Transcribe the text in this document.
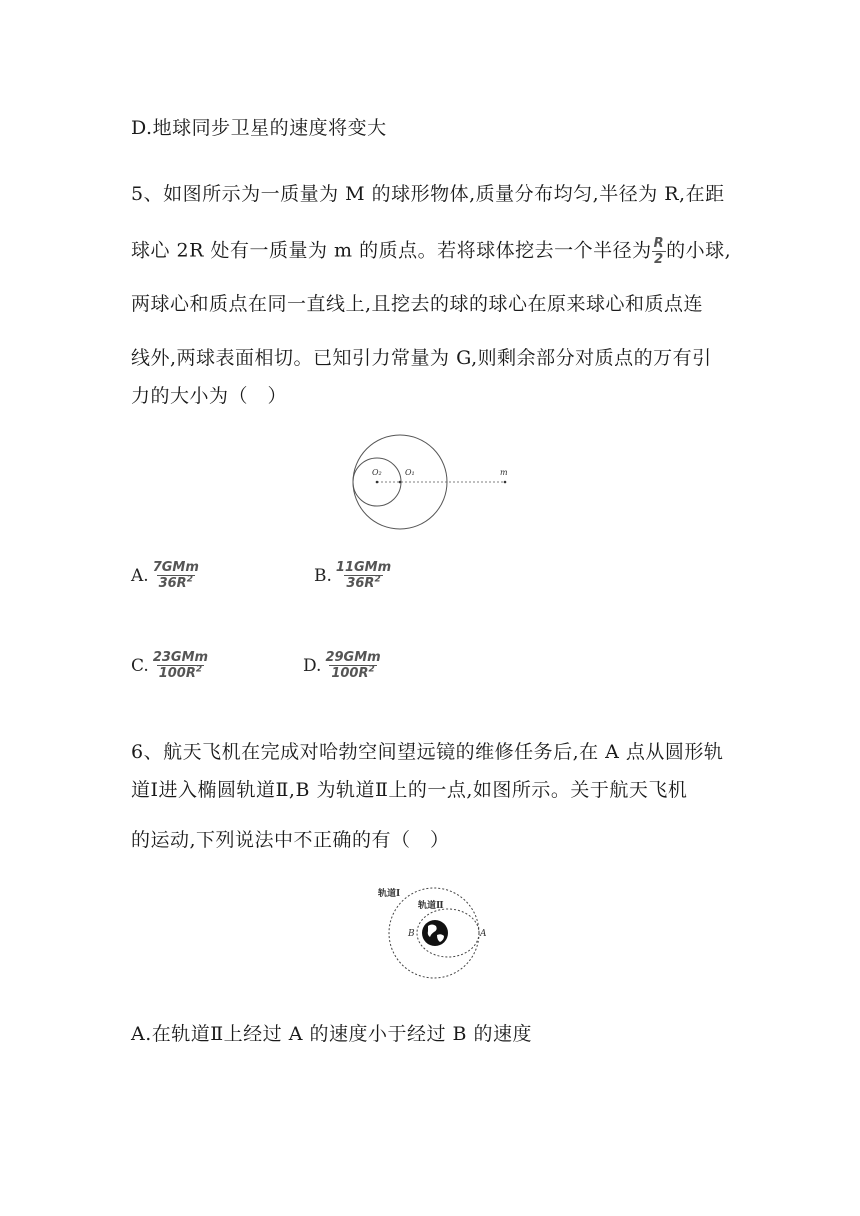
D.地球同步卫星的速度将变大
5、如图所示为一质量为 M 的球形物体,质量分布均匀,半径为 R,在距
球心 2R 处有一质量为 m 的质点。若将球体挖去一个半径为 $\frac{R}{2}$ 的小球,
两球心和质点在同一直线上,且挖去的球的球心在原来球心和质点连
线外,两球表面相切。已知引力常量为 G,则剩余部分对质点的万有引
力的大小为（　）
O₂	O₁	m
A. $\frac{\text{7GMm}}{36R^2}$	B. $\frac{\text{11GMm}}{36R^2}$
C. $\frac{\text{23GMm}}{100R^2}$	D. $\frac{\text{29GMm}}{100R^2}$
6、航天飞机在完成对哈勃空间望远镜的维修任务后,在 A 点从圆形轨
道Ⅰ进入椭圆轨道Ⅱ,B 为轨道Ⅱ上的一点,如图所示。关于航天飞机
的运动,下列说法中不正确的有（　）
轨道Ⅰ
轨道Ⅱ
B	A
A.在轨道Ⅱ上经过 A 的速度小于经过 B 的速度
